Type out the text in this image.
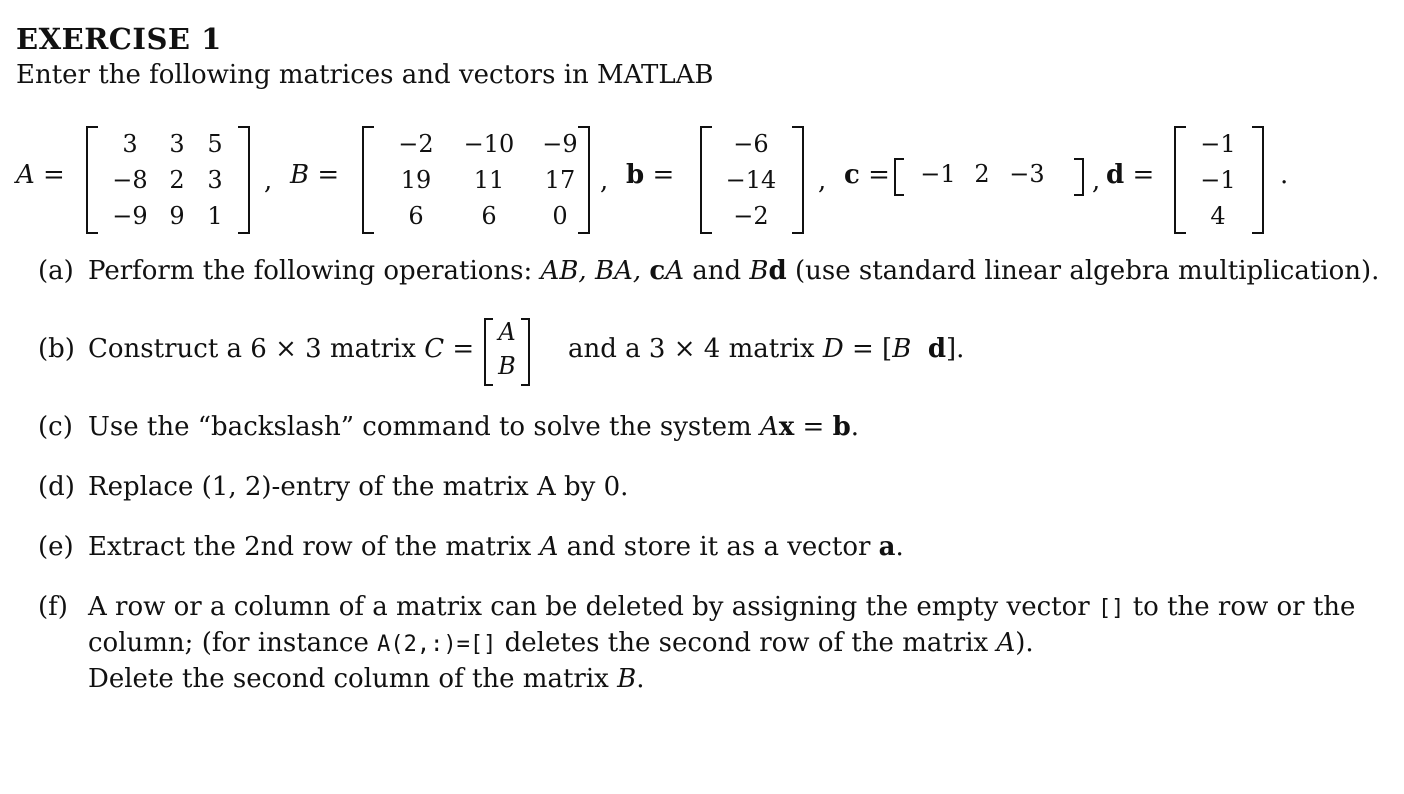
EXERCISE 1
Enter the following matrices and vectors in MATLAB
A =
3	3 5
−8 2 3
−9 9 1
, B =
−2	−10	−9
19	11	17
6	6	0
, b =
−6
−14
−2
, c =	−1 2 −3	, d =
−1
−1
4
.
(a) Perform the following operations: AB, BA, cA and Bd (use standard linear algebra multiplication).
(b) Construct a 6 × 3 matrix C =
A
B
and a 3 × 4 matrix D = [B d].
(c) Use the “backslash” command to solve the system Ax = b.
(d) Replace (1, 2)-entry of the matrix A by 0.
(e) Extract the 2nd row of the matrix A and store it as a vector a.
(f) A row or a column of a matrix can be deleted by assigning the empty vector [] to the row or the
column; (for instance A(2,:)=[] deletes the second row of the matrix A).
Delete the second column of the matrix B.
